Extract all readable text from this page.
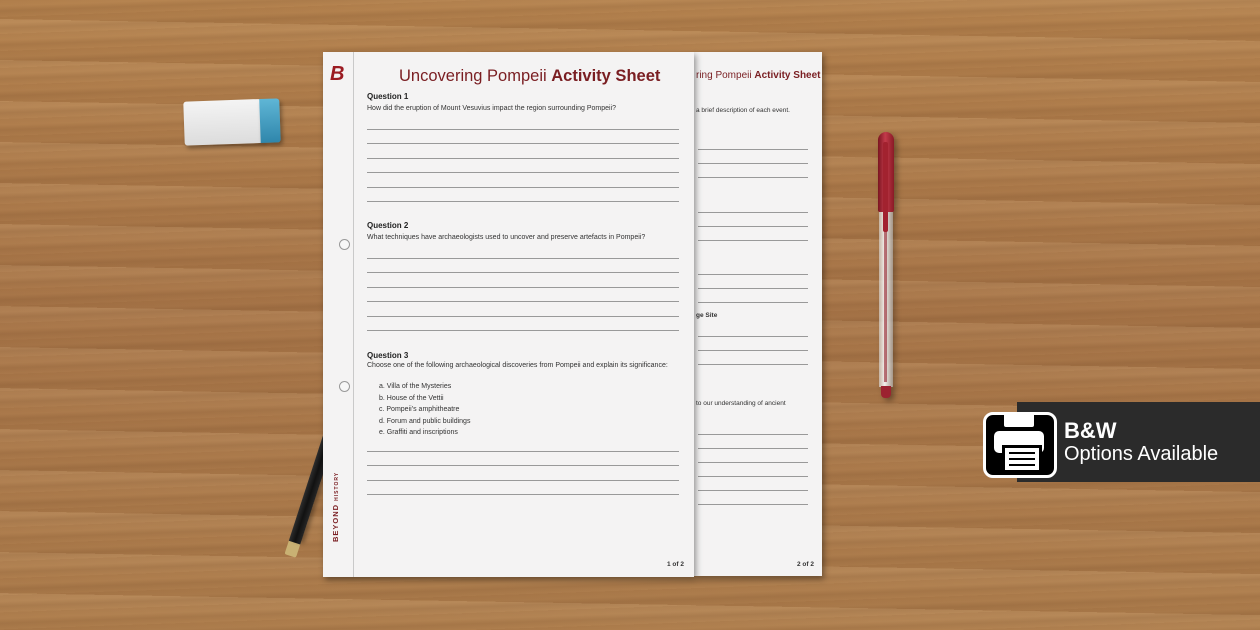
ring Pompeii Activity Sheet
a brief description of each event.
ge Site
to our understanding of ancient
2 of 2
B
BEYOND HISTORY
Uncovering Pompeii Activity Sheet
Question 1
How did the eruption of Mount Vesuvius impact the region surrounding Pompeii?
Question 2
What techniques have archaeologists used to uncover and preserve artefacts in Pompeii?
Question 3
Choose one of the following archaeological discoveries from Pompeii and explain its significance:
a. Villa of the Mysteries
b. House of the Vettii
c. Pompeii’s amphitheatre
d. Forum and public buildings
e. Graffiti and inscriptions
1 of 2
B&W
Options Available
